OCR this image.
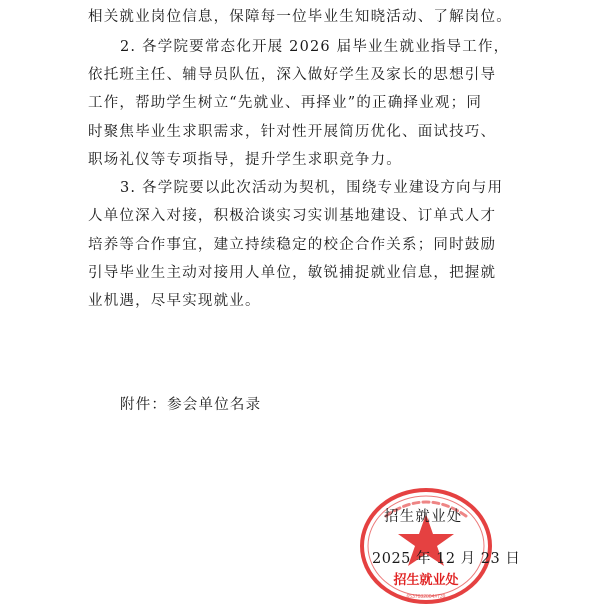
相关就业岗位信息，保障每一位毕业生知晓活动、了解岗位。
2. 各学院要常态化开展 2026 届毕业生就业指导工作，
依托班主任、辅导员队伍，深入做好学生及家长的思想引导
工作，帮助学生树立“先就业、再择业”的正确择业观；同
时聚焦毕业生求职需求，针对性开展简历优化、面试技巧、
职场礼仪等专项指导，提升学生求职竞争力。
3. 各学院要以此次活动为契机，围绕专业建设方向与用
人单位深入对接，积极洽谈实习实训基地建设、订单式人才
培养等合作事宜，建立持续稳定的校企合作关系；同时鼓励
引导毕业生主动对接用人单位，敏锐捕捉就业信息，把握就
业机遇，尽早实现就业。
附件：参会单位名录
招生就业处
6537032004#739
招生就业处
2025 年 12 月 23 日
